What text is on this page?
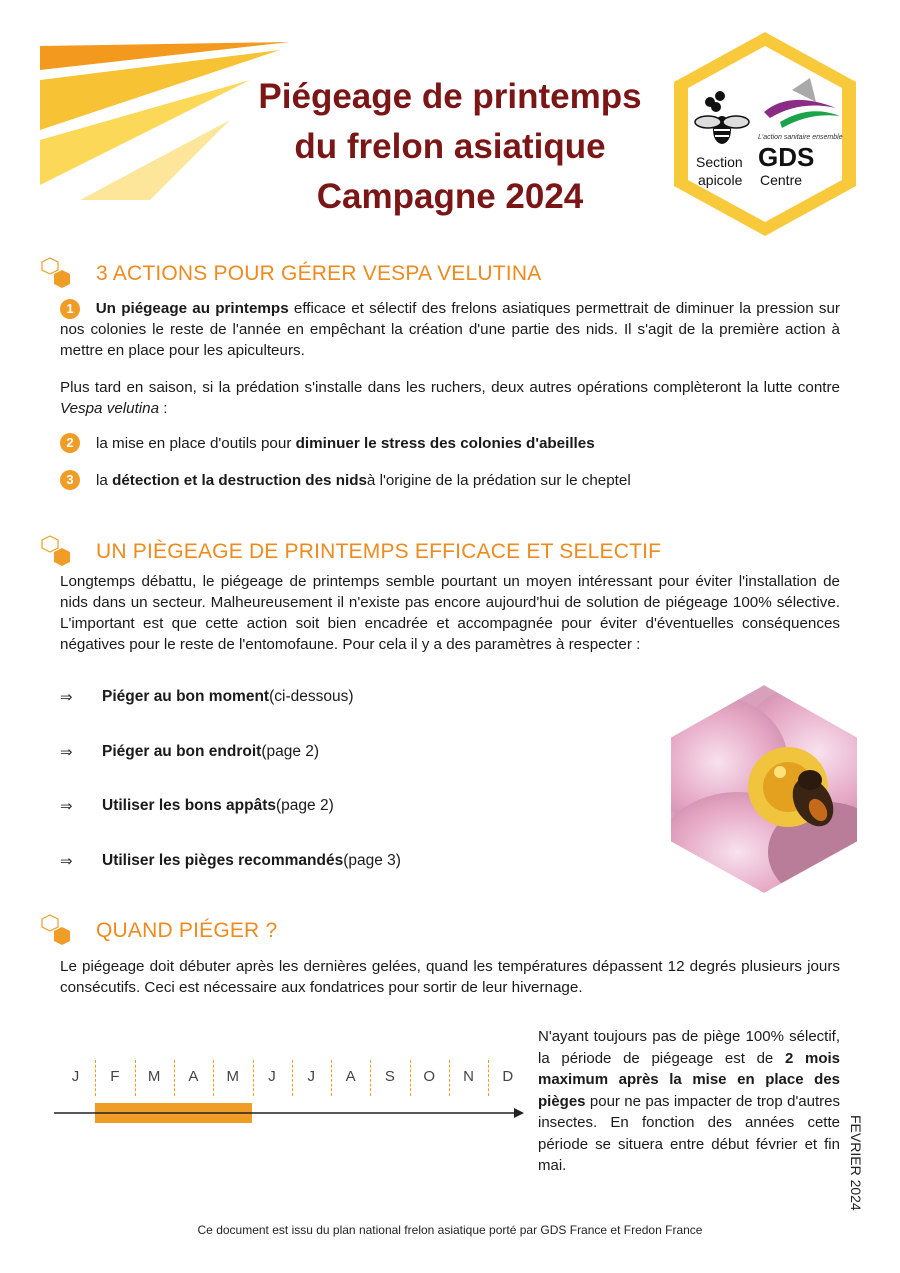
Piégeage de printemps
du frelon asiatique
Campagne 2024
Section
apicole
L'action sanitaire ensemble
GDS
Centre
3 ACTIONS POUR GÉRER VESPA VELUTINA
1 Un piégeage au printemps efficace et sélectif des frelons asiatiques permettrait de diminuer la pression sur nos colonies le reste de l'année en empêchant la création d'une partie des nids. Il s'agit de la première action à mettre en place pour les apiculteurs.
Plus tard en saison, si la prédation s'installe dans les ruchers, deux autres opérations complèteront la lutte contre Vespa velutina :
2	la mise en place d'outils pour
diminuer le stress des colonies d'abeilles
3	la
détection et la destruction des nids à l'origine de la prédation sur le cheptel
UN PIÈGEAGE DE PRINTEMPS EFFICACE ET SELECTIF
Longtemps débattu, le piégeage de printemps semble pourtant un moyen intéressant pour éviter l'installation de nids dans un secteur. Malheureusement il n'existe pas encore aujourd'hui de solution de piégeage 100% sélective. L'important est que cette action soit bien encadrée et accompagnée pour éviter d'éventuelles conséquences négatives pour le reste de l'entomofaune. Pour cela il y a des paramètres à respecter :
⇒	Piéger au bon moment (ci-dessous)
⇒	Piéger au bon endroit (page 2)
⇒	Utiliser les bons appâts (page 2)
⇒	Utiliser les pièges recommandés (page 3)
QUAND PIÉGER ?
Le piégeage doit débuter après les dernières gelées, quand les températures dépassent 12 degrés plusieurs jours consécutifs. Ceci est nécessaire aux fondatrices pour sortir de leur hivernage.
J	F	M	A	M	J	J	A	S	O	N	D
N'ayant toujours pas de piège 100% sélectif, la période de piégeage est de 2 mois maximum après la mise en place des pièges pour ne pas impacter de trop d'autres insectes. En fonction des années cette période se situera entre début février et fin mai.	FEVRIER 2024
Ce document est issu du plan national frelon asiatique porté par GDS France et Fredon France
